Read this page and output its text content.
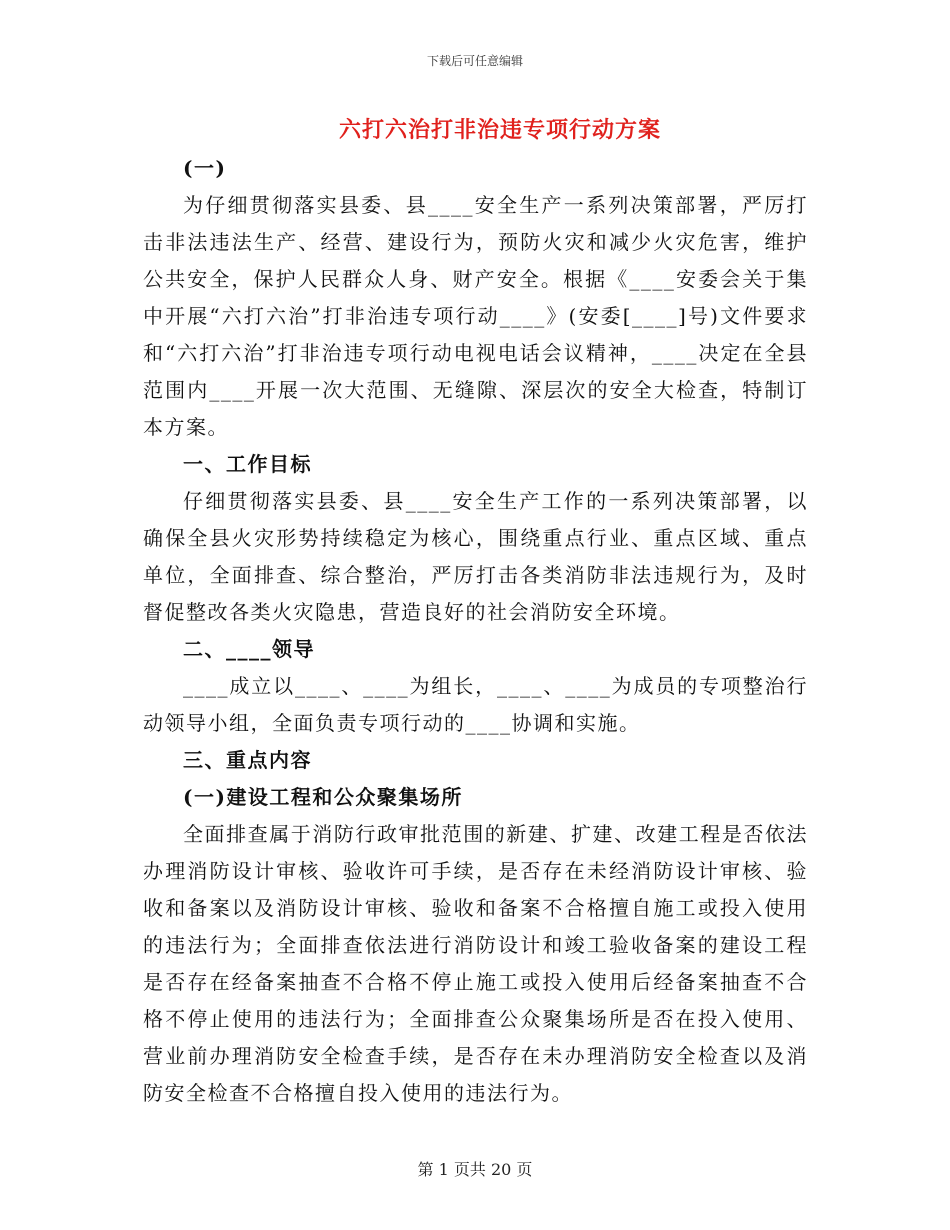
下载后可任意编辑
六打六治打非治违专项行动方案
(一)

为仔细贯彻落实县委、县____安全生产一系列决策部署，严厉打击非法违法生产、经营、建设行为，预防火灾和减少火灾危害，维护公共安全，保护人民群众人身、财产安全。根据《____安委会关于集中开展“六打六治”打非治违专项行动____》(安委[____]号)文件要求和“六打六治”打非治违专项行动电视电话会议精神，____决定在全县范围内____开展一次大范围、无缝隙、深层次的安全大检查，特制订本方案。

一、工作目标

仔细贯彻落实县委、县____安全生产工作的一系列决策部署，以确保全县火灾形势持续稳定为核心，围绕重点行业、重点区域、重点单位，全面排查、综合整治，严厉打击各类消防非法违规行为，及时督促整改各类火灾隐患，营造良好的社会消防安全环境。

二、____领导

____成立以____、____为组长，____、____为成员的专项整治行动领导小组，全面负责专项行动的____协调和实施。

三、重点内容
(一)建设工程和公众聚集场所

全面排查属于消防行政审批范围的新建、扩建、改建工程是否依法办理消防设计审核、验收许可手续，是否存在未经消防设计审核、验收和备案以及消防设计审核、验收和备案不合格擅自施工或投入使用的违法行为；全面排查依法进行消防设计和竣工验收备案的建设工程是否存在经备案抽查不合格不停止施工或投入使用后经备案抽查不合格不停止使用的违法行为；全面排查公众聚集场所是否在投入使用、营业前办理消防安全检查手续，是否存在未办理消防安全检查以及消防安全检查不合格擅自投入使用的违法行为。

第 1 页共 20 页
